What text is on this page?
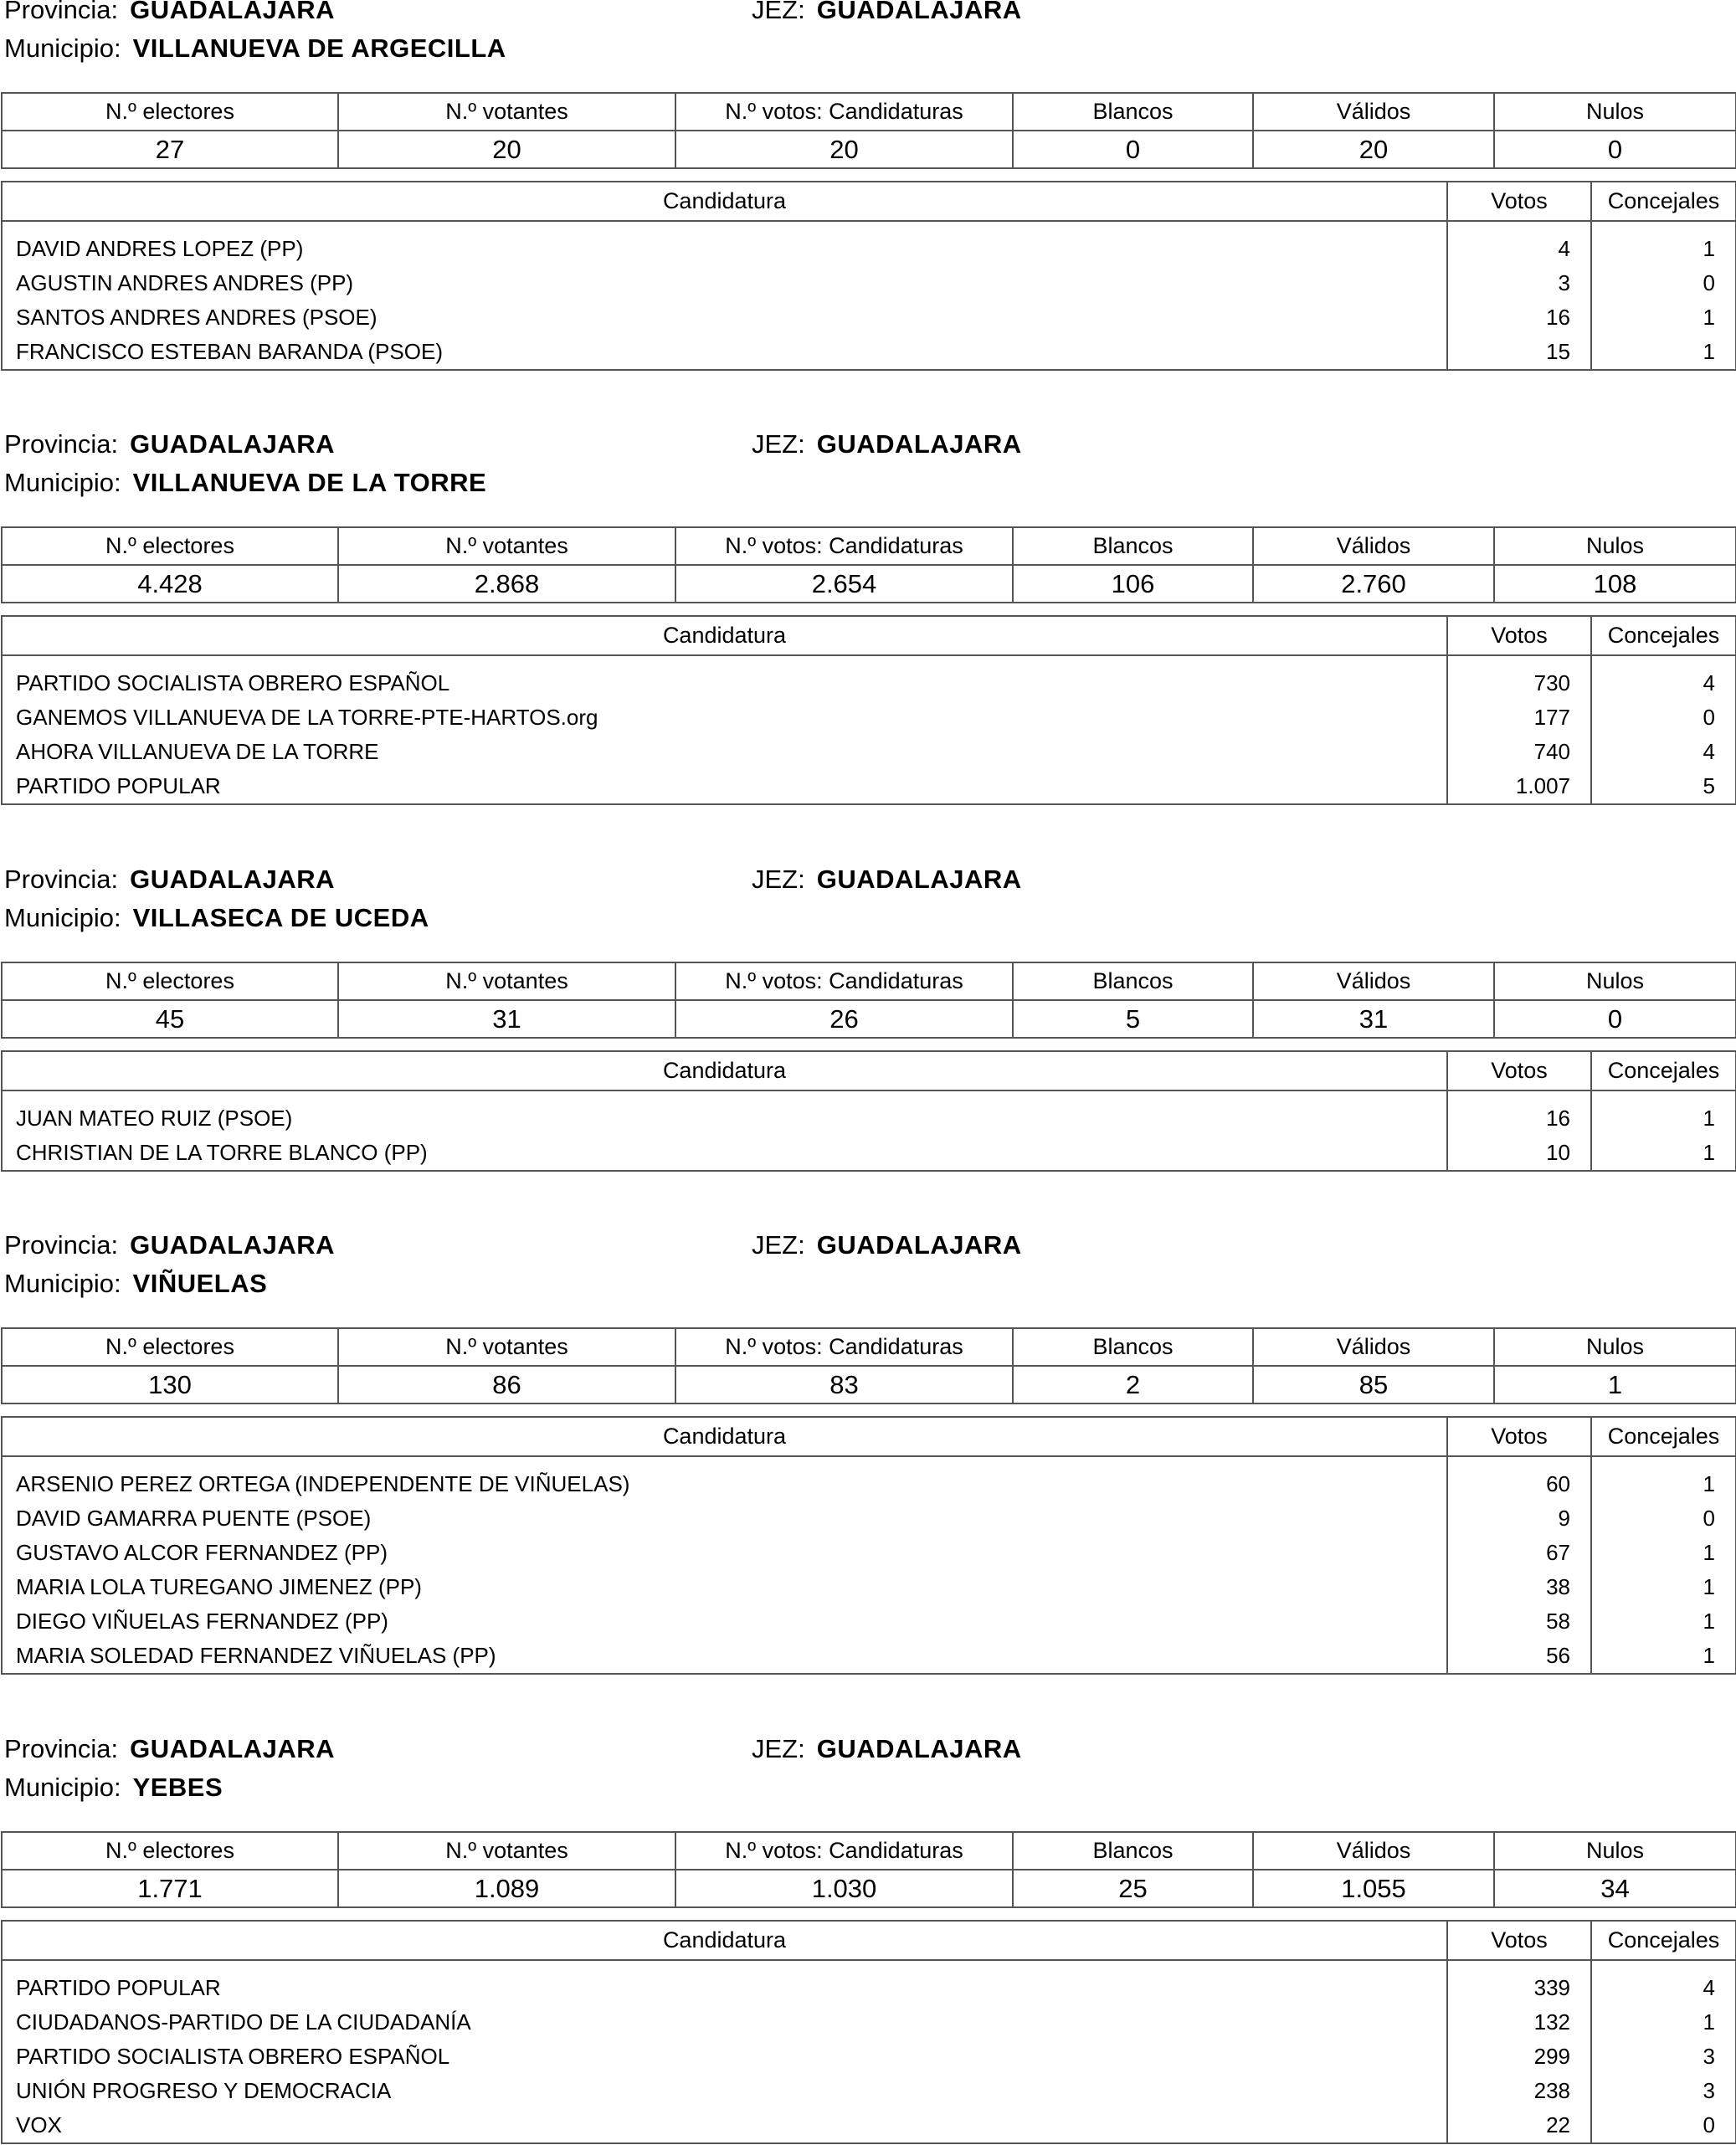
Provincia: GUADALAJARA	JEZ: GUADALAJARA
Municipio: VILLANUEVA DE ARGECILLA
N.º electores	N.º votantes	N.º votos: Candidaturas	Blancos	Válidos	Nulos
27	20	20	0	20	0
Candidatura	Votos	Concejales

DAVID ANDRES LOPEZ (PP)	4	1
AGUSTIN ANDRES ANDRES (PP)	3	0
SANTOS ANDRES ANDRES (PSOE)	16	1
FRANCISCO ESTEBAN BARANDA (PSOE)	15	1
Provincia: GUADALAJARA	JEZ: GUADALAJARA
Municipio: VILLANUEVA DE LA TORRE
N.º electores	N.º votantes	N.º votos: Candidaturas	Blancos	Válidos	Nulos
4.428	2.868	2.654	106	2.760	108
Candidatura	Votos	Concejales

PARTIDO SOCIALISTA OBRERO ESPAÑOL	730	4
GANEMOS VILLANUEVA DE LA TORRE-PTE-HARTOS.org	177	0
AHORA VILLANUEVA DE LA TORRE	740	4
PARTIDO POPULAR	1.007	5
Provincia: GUADALAJARA	JEZ: GUADALAJARA
Municipio: VILLASECA DE UCEDA
N.º electores	N.º votantes	N.º votos: Candidaturas	Blancos	Válidos	Nulos
45	31	26	5	31	0
Candidatura	Votos	Concejales

JUAN MATEO RUIZ (PSOE)	16	1
CHRISTIAN DE LA TORRE BLANCO (PP)	10	1
Provincia: GUADALAJARA	JEZ: GUADALAJARA
Municipio: VIÑUELAS
N.º electores	N.º votantes	N.º votos: Candidaturas	Blancos	Válidos	Nulos
130	86	83	2	85	1
Candidatura	Votos	Concejales

ARSENIO PEREZ ORTEGA (INDEPENDENTE DE VIÑUELAS)	60	1
DAVID GAMARRA PUENTE (PSOE)	9	0
GUSTAVO ALCOR FERNANDEZ (PP)	67	1
MARIA LOLA TUREGANO JIMENEZ (PP)	38	1
DIEGO VIÑUELAS FERNANDEZ (PP)	58	1
MARIA SOLEDAD FERNANDEZ VIÑUELAS (PP)	56	1
Provincia: GUADALAJARA	JEZ: GUADALAJARA
Municipio: YEBES
N.º electores	N.º votantes	N.º votos: Candidaturas	Blancos	Válidos	Nulos
1.771	1.089	1.030	25	1.055	34
Candidatura	Votos	Concejales

PARTIDO POPULAR	339	4
CIUDADANOS-PARTIDO DE LA CIUDADANÍA	132	1
PARTIDO SOCIALISTA OBRERO ESPAÑOL	299	3
UNIÓN PROGRESO Y DEMOCRACIA	238	3
VOX	22	0
